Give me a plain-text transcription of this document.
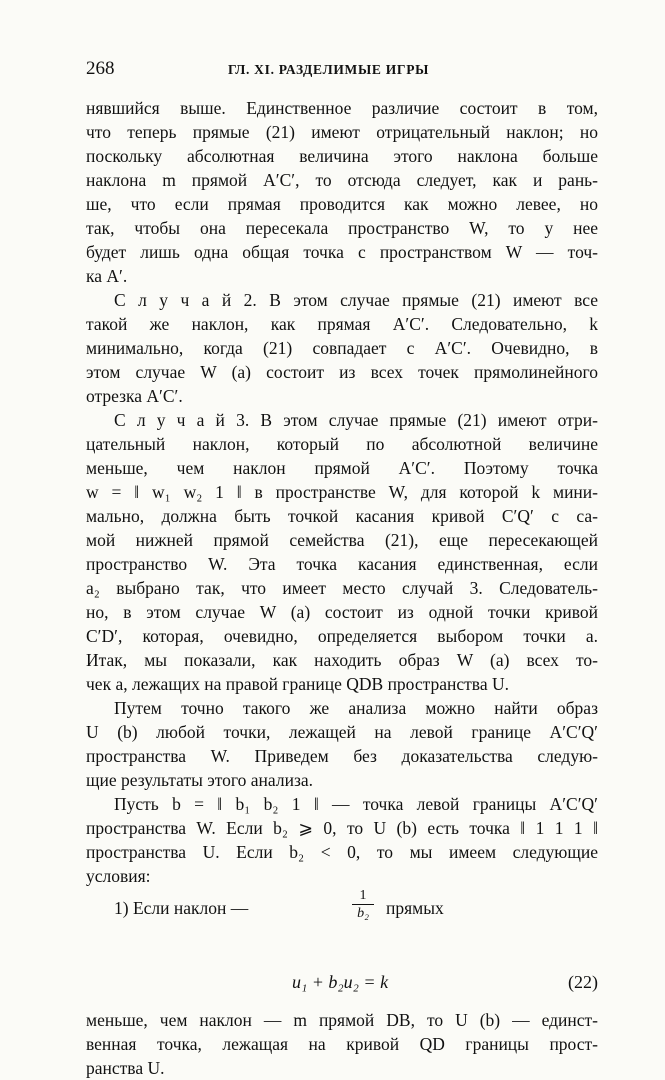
268	ГЛ. XI. РАЗДЕЛИМЫЕ ИГРЫ
нявшийся выше. Единственное различие состоит в том,
что теперь прямые (21) имеют отрицательный наклон; но
поскольку абсолютная величина этого наклона больше
наклона m прямой A′C′, то отсюда следует, как и рань-
ше, что если прямая проводится как можно левее, но
так, чтобы она пересекала пространство W, то у нее
будет лишь одна общая точка с пространством W — точ-
ка A′.
С л у ч а й 2. В этом случае прямые (21) имеют все
такой же наклон, как прямая A′C′. Следовательно, k
минимально, когда (21) совпадает с A′C′. Очевидно, в
этом случае W (a) состоит из всех точек прямолинейного
отрезка A′C′.
С л у ч а й 3. В этом случае прямые (21) имеют отри-
цательный наклон, который по абсолютной величине
меньше, чем наклон прямой A′C′. Поэтому точка
w = ‖ w₁ w₂ 1 ‖ в пространстве W, для которой k мини-
мально, должна быть точкой касания кривой C′Q′ с са-
мой нижней прямой семейства (21), еще пересекающей
пространство W. Эта точка касания единственная, если
a₂ выбрано так, что имеет место случай 3. Следователь-
но, в этом случае W (a) состоит из одной точки кривой
C′D′, которая, очевидно, определяется выбором точки a.
Итак, мы показали, как находить образ W (a) всех то-
чек a, лежащих на правой границе QDB пространства U.
Путем точно такого же анализа можно найти образ
U (b) любой точки, лежащей на левой границе A′C′Q′
пространства W. Приведем без доказательства следую-
щие результаты этого анализа.
Пусть b = ‖ b₁ b₂ 1 ‖ — точка левой границы A′C′Q′
пространства W. Если b₂ ⩾ 0, то U (b) есть точка ‖ 1 1 1 ‖
пространства U. Если b₂ < 0, то мы имеем следующие
условия:
1) Если наклон —	$\frac{1}{\text{b₂}}$ прямых
u₁ + b₂u₂ = k	(22)
меньше, чем наклон — m прямой DB, то U (b) — единст-
венная точка, лежащая на кривой QD границы прост-
ранства U.
